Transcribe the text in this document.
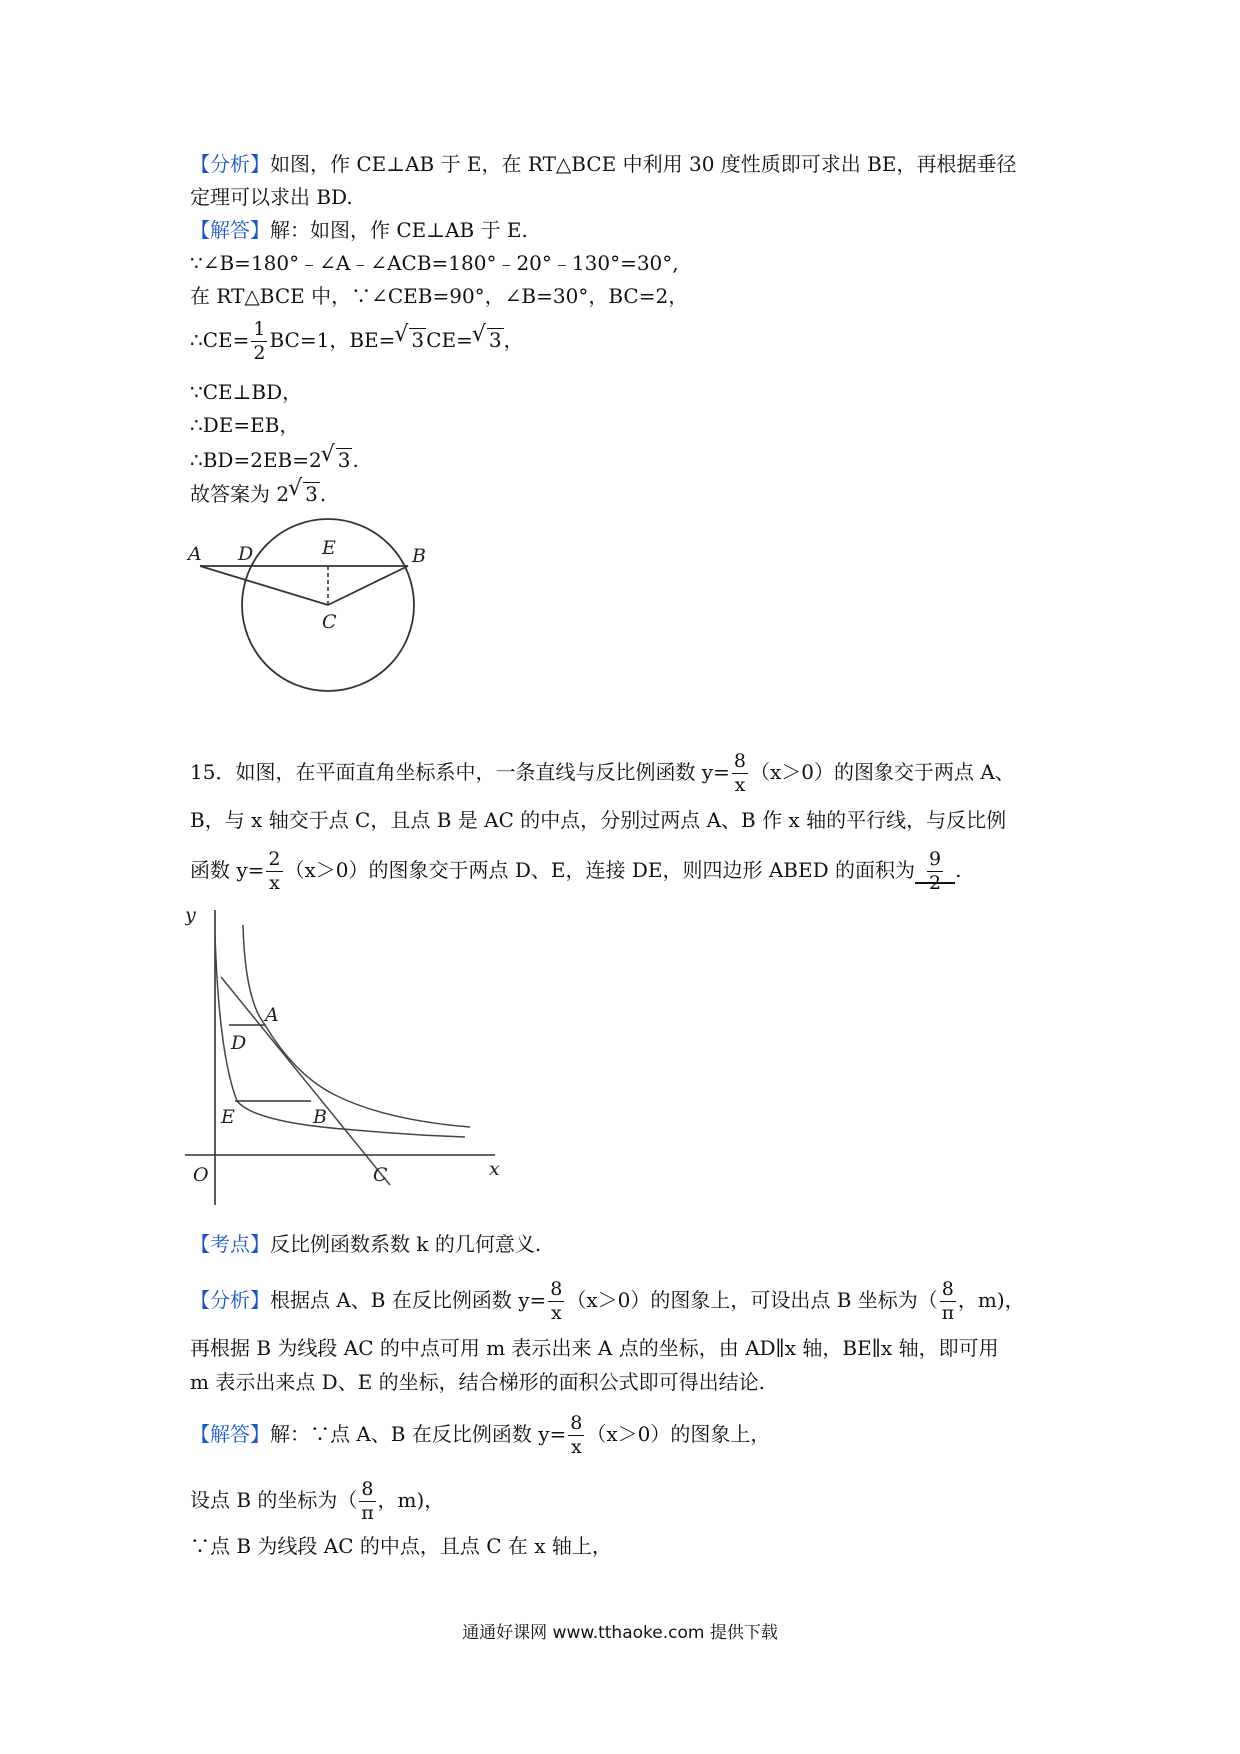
【分析】如图，作 CE⊥AB 于 E，在 RT△BCE 中利用 30 度性质即可求出 BE，再根据垂径
定理可以求出 BD.
【解答】解：如图，作 CE⊥AB 于 E.
∵∠B=180°﹣∠A﹣∠ACB=180°﹣20°﹣130°=30°,
在 RT△BCE 中，∵∠CEB=90°，∠B=30°，BC=2，
∴CE= $\frac{1}{2} BC=1$，BE= √ 3 CE= √ 3 ，
∵CE⊥BD，
∴DE=EB，
∴BD=2EB=2 √ 3 .
故答案为 2 √ 3 .
A D	E	B
C
15．如图，在平面直角坐标系中，一条直线与反比例函数 $y= \frac{8}{x} (x>0)$的图象交于两点 A、
B，与 x 轴交于点 C，且点 B 是 AC 的中点，分别过两点 A、B 作 x 轴的平行线，与反比例
函数 $y= \frac{2}{x} (x>0)$的图象交于两点 D、E，连接 DE，则四边形 ABED 的面积为 $\frac{9}{2}$ .
y
A
D
E	B
O	C	x
【考点】反比例函数系数 k 的几何意义.
【分析】根据点 A、B 在反比例函数 $y= \frac{8}{x} (x>0)$的图象上，可设出点 B 坐标为（ $\frac{8}{\pi}$ ，m)，
再根据 B 为线段 AC 的中点可用 m 表示出来 A 点的坐标，由 AD∥x 轴，BE∥x 轴，即可用
m 表示出来点 D、E 的坐标，结合梯形的面积公式即可得出结论.
【解答】解：∵点 A、B 在反比例函数 $y= \frac{8}{x} (x>0)$的图象上，
设点 B 的坐标为（ $\frac{8}{\pi}$ ，m)，
∵点 B 为线段 AC 的中点，且点 C 在 x 轴上，
通通好课网 www.tthaoke.com 提供下载
